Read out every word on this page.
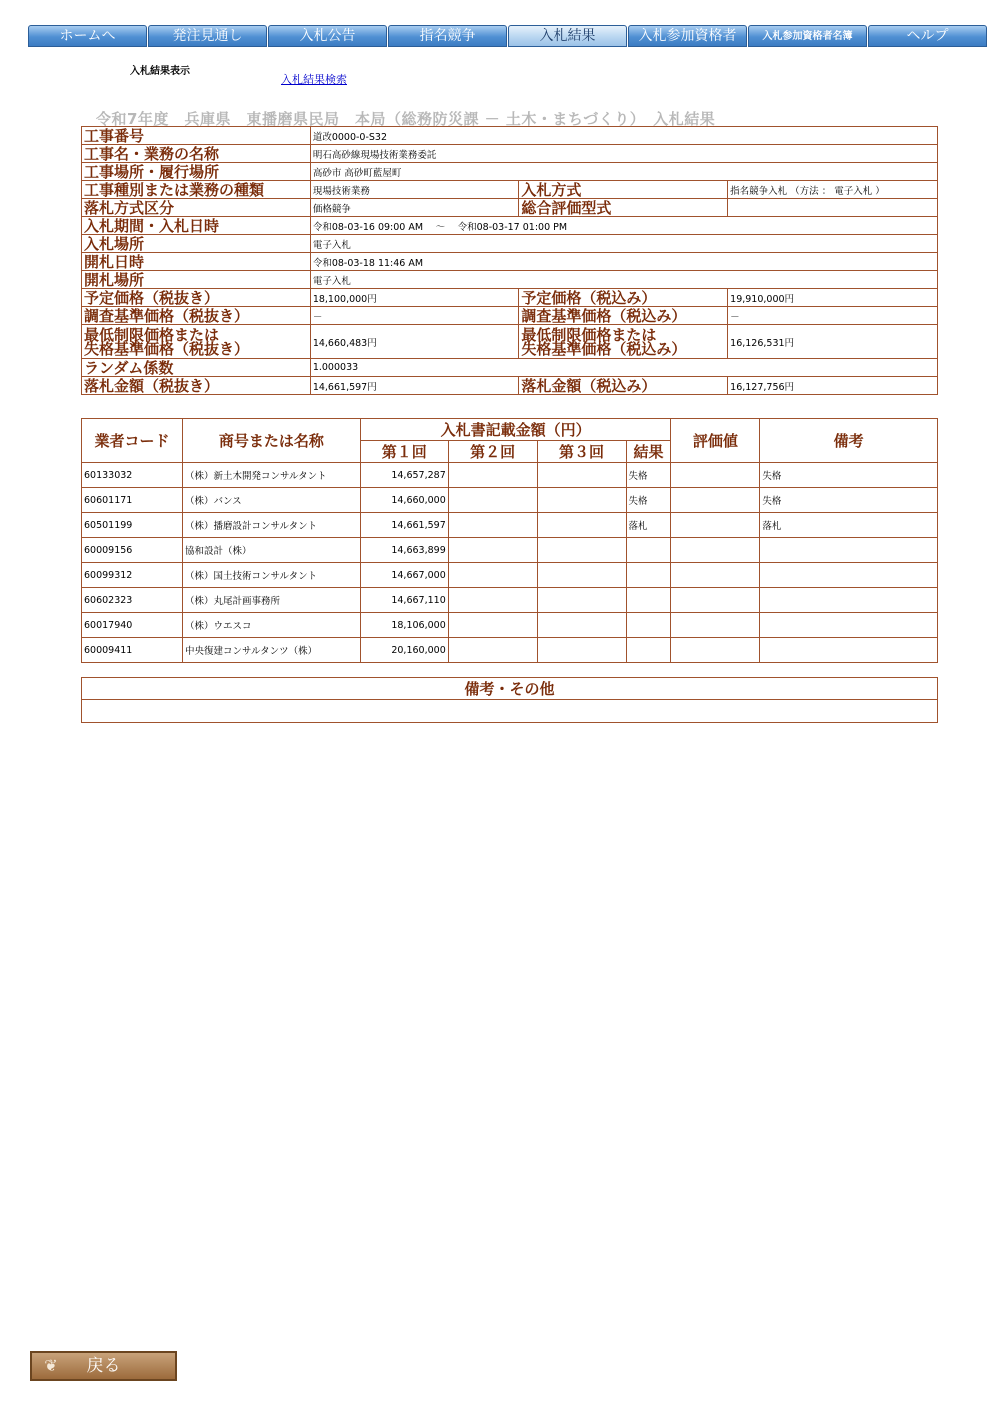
ホームへ	発注見通し	入札公告	指名競争	入札結果	入札参加資格者	入札参加資格者名簿	ヘルプ
入札結果表示
入札結果検索
令和7年度　兵庫県　東播磨県民局　本局（総務防災課 － 土木・まちづくり）　入札結果
工事番号	道改0000-0-S32		
工事名・業務の名称	明石高砂線現場技術業務委託		
工事場所・履行場所	高砂市 高砂町藍屋町		
工事種別または業務の種類	現場技術業務	入札方式	指名競争入札 （方法 ： 電子入札 ）
落札方式区分	価格競争	総合評価型式	
入札期間・入札日時	令和08-03-16 09:00 AM　 ～ 　令和08-03-17 01:00 PM		
入札場所	電子入札		
開札日時	令和08-03-18 11:46 AM		
開札場所	電子入札		
予定価格（税抜き）	18,100,000円	予定価格（税込み）	19,910,000円
調査基準価格（税抜き）	－	調査基準価格（税込み）	－
最低制限価格または
失格基準価格（税抜き）	14,660,483円	最低制限価格または
失格基準価格（税込み）	16,126,531円
ランダム係数	1.000033		
落札金額（税抜き）	14,661,597円	落札金額（税込み）	16,127,756円
業者コード	商号または名称	入札書記載金額（円）				評価値	備考
		第１回	第２回	第３回	結果		
60133032	（株）新土木開発コンサルタント	14,657,287			失格		失格
60601171	（株）バンス	14,660,000			失格		失格
60501199	（株）播磨設計コンサルタント	14,661,597			落札		落札
60009156	協和設計（株）	14,663,899					
60099312	（株）国土技術コンサルタント	14,667,000					
60602323	（株）丸尾計画事務所	14,667,110					
60017940	（株）ウエスコ	18,106,000					
60009411	中央復建コンサルタンツ（株）	20,160,000					
備考・その他

❦	戻る
